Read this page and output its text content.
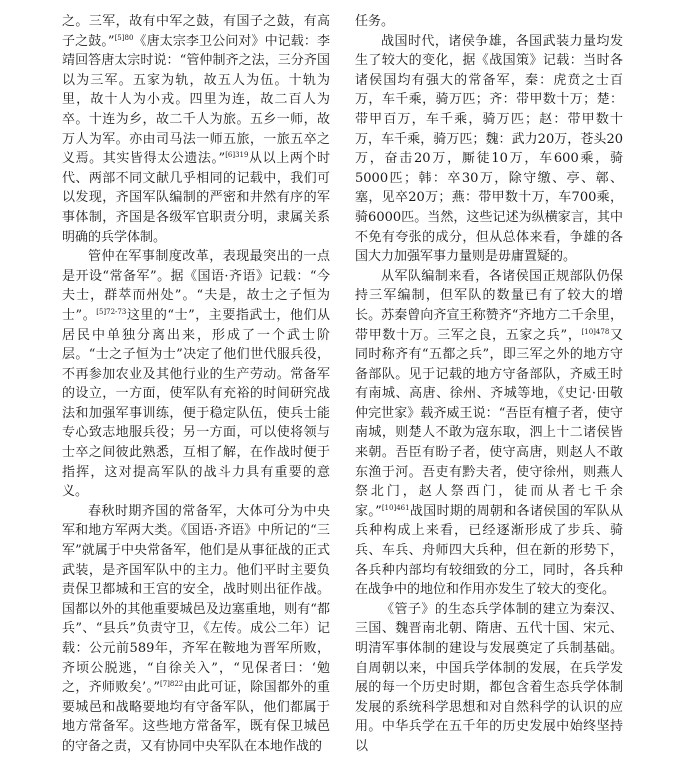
之。三军，故有中军之鼓，有国子之鼓，有高子之鼓。”$^{[5]80}$《唐太宗李卫公问对》中记载：李靖回答唐太宗时说：“管仲制齐之法，三分齐国以为三军。五家为轨，故五人为伍。十轨为里，故十人为小戎。四里为连，故二百人为卒。十连为乡，故二千人为旅。五乡一师，故万人为军。亦由司马法一师五旅，一旅五卒之义焉。其实皆得太公遗法。”$^{[6]319}$从以上两个时代、两部不同文献几乎相同的记载中，我们可以发现，齐国军队编制的严密和井然有序的军事体制，齐国是各级军官职责分明，隶属关系明确的兵学体制。

管仲在军事制度改革，表现最突出的一点是开设“常备军”。据《国语·齐语》记载：“今夫士，群萃而州处”。“夫是，故士之子恒为士”。$^{[5]72-73}$这里的“士”，主要指武士，他们从居民中单独分离出来，形成了一个武士阶层。“士之子恒为士”决定了他们世代服兵役，不再参加农业及其他行业的生产劳动。常备军的设立，一方面，使军队有充裕的时间研究战法和加强军事训练，便于稳定队伍，使兵士能专心致志地服兵役；另一方面，可以使将领与士卒之间彼此熟悉，互相了解，在作战时便于指挥，这对提高军队的战斗力具有重要的意义。

春秋时期齐国的常备军，大体可分为中央军和地方军两大类。《国语·齐语》中所记的“三军”就属于中央常备军，他们是从事征战的正式武装，是齐国军队中的主力。他们平时主要负责保卫都城和王宫的安全，战时则出征作战。国都以外的其他重要城邑及边塞重地，则有“都兵”、“县兵”负责守卫，《左传。成公二年）记载：公元前589年，齐军在鞍地为晋军所败，齐顷公脱逃，“自徐关入”，“见保者曰：‘勉之，齐师败矣’。”$^{[7]822}$由此可证，除国都外的重要城邑和战略要地均有守备军队，他们都属于地方常备军。这些地方常备军，既有保卫城邑的守备之责，又有协同中央军队在本地作战的

任务。

战国时代，诸侯争雄，各国武装力量均发生了较大的变化，据《战国策》记载：当时各诸侯国均有强大的常备军，秦：虎贲之士百万，车千乘，骑万匹；齐：带甲数十万；楚：带甲百万，车千乘，骑万匹；赵：带甲数十万，车千乘，骑万匹；魏：武力20万，苍头20万，奋击20万，厮徒10万，车600乘，骑5000匹；韩：卒30万，除守缴、亭、鄣、塞，见卒20万；燕：带甲数十万，车700乘，骑6000匹。当然，这些记述为纵横家言，其中不免有夸张的成分，但从总体来看，争雄的各国大力加强军事力量则是毋庸置疑的。

从军队编制来看，各诸侯国正规部队仍保持三军编制，但军队的数量已有了较大的增长。苏秦曾向齐宣王称赞齐“齐地方二千余里，带甲数十万。三军之良，五家之兵”，$^{[10]478}$又同时称齐有“五都之兵”，即三军之外的地方守备部队。见于记载的地方守备部队，齐威王时有南城、高唐、徐州、齐城等地，《史记·田敬仲完世家》载齐威王说：“吾臣有檀子者，使守南城，则楚人不敢为寇东取，泗上十二诸侯皆来朝。吾臣有盼子者，使守高唐，则赵人不敢东渔于河。吾吏有黔夫者，使守徐州，则燕人祭北门，赵人祭西门，徒而从者七千余家。”$^{[10]461}$战国时期的周朝和各诸侯国的军队从兵种构成上来看，已经逐渐形成了步兵、骑兵、车兵、舟师四大兵种，但在新的形势下，各兵种内部均有较细致的分工，同时，各兵种在战争中的地位和作用亦发生了较大的变化。

《管子》的生态兵学体制的建立为秦汉、三国、魏晋南北朝、隋唐、五代十国、宋元、明清军事体制的建设与发展奠定了兵制基础。自周朝以来，中国兵学体制的发展，在兵学发展的每一个历史时期，都包含着生态兵学体制发展的系统科学思想和对自然科学的认识的应用。中华兵学在五千年的历史发展中始终坚持以
